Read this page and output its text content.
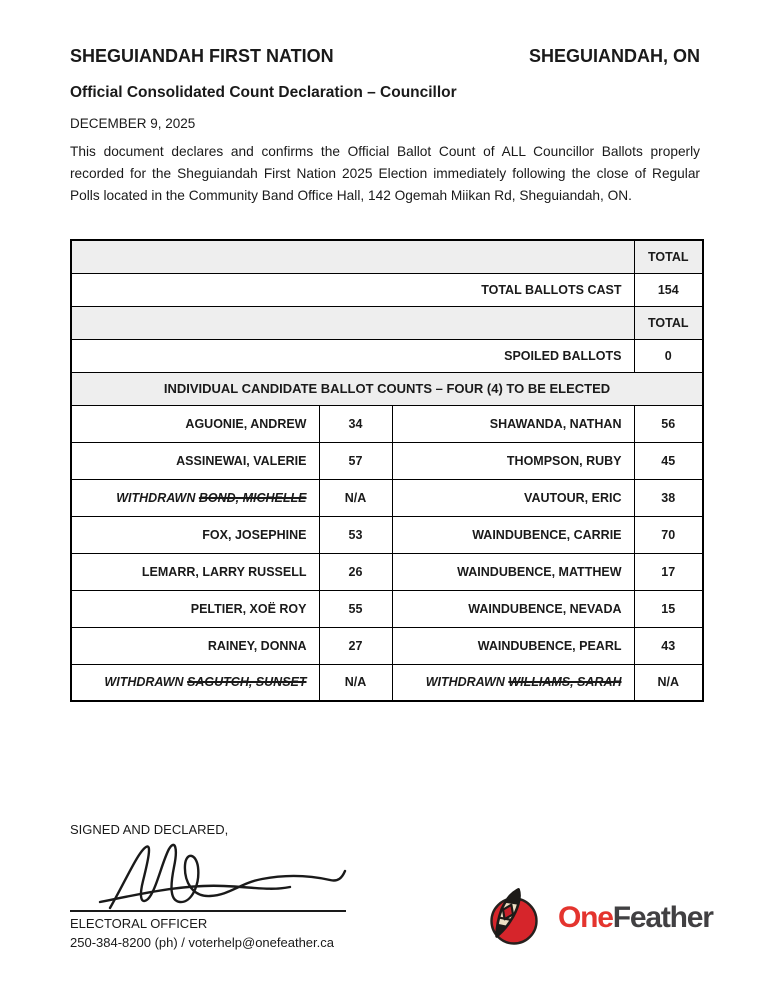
SHEGUIANDAH FIRST NATION	SHEGUIANDAH, ON
Official Consolidated Count Declaration – Councillor
DECEMBER 9, 2025
This document declares and confirms the Official Ballot Count of ALL Councillor Ballots properly recorded for the Sheguiandah First Nation 2025 Election immediately following the close of Regular Polls located in the Community Band Office Hall, 142 Ogemah Miikan Rd, Sheguiandah, ON.
			TOTAL
TOTAL BALLOTS CAST			154
			TOTAL
SPOILED BALLOTS			0
INDIVIDUAL CANDIDATE BALLOT COUNTS – FOUR (4) TO BE ELECTED			
AGUONIE, ANDREW	34	SHAWANDA, NATHAN	56
ASSINEWAI, VALERIE	57	THOMPSON, RUBY	45
WITHDRAWN BOND, MICHELLE	N/A	VAUTOUR, ERIC	38
FOX, JOSEPHINE	53	WAINDUBENCE, CARRIE	70
LEMARR, LARRY RUSSELL	26	WAINDUBENCE, MATTHEW	17
PELTIER, XOË ROY	55	WAINDUBENCE, NEVADA	15
RAINEY, DONNA	27	WAINDUBENCE, PEARL	43
WITHDRAWN SAGUTCH, SUNSET	N/A	WITHDRAWN WILLIAMS, SARAH	N/A
SIGNED AND DECLARED,
ELECTORAL OFFICER
250-384-8200 (ph) / voterhelp@onefeather.ca
OneFeather
